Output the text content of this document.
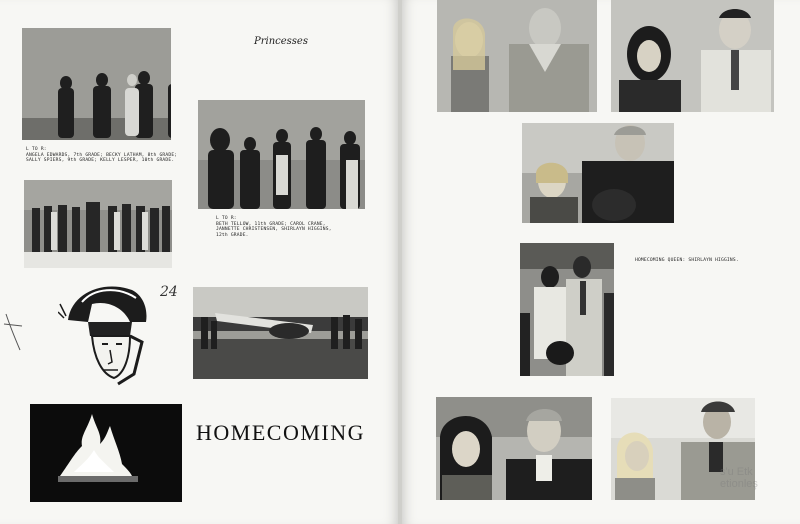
L TO R:
ANGELA EDWARDS, 7th GRADE; BECKY LATHAM, 8th GRADE;
SALLY SPIERS, 9th GRADE; KELLY LESPER, 10th GRADE.
Princesses
L TO R:
BETH TELLOW, 11th GRADE; CAROL CRANE,
JANNETTE CHRISTENSEN, SHIRLAYN HIGGINS,
12th GRADE.
24
HOMECOMING
HOMECOMING QUEEN: SHIRLAYN HIGGINS.
s'u Etk
etionleş
